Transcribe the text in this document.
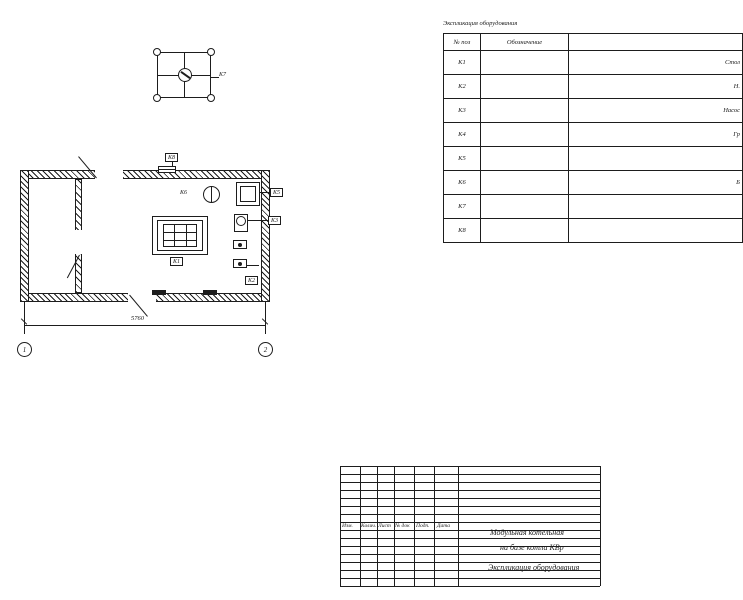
K8
K7
K6	K5
K3
K2
K1
5760
1	2
Экспликация оборудования
№ поз	Обозначение	
K1		Стол
K2		Н.
K3		Насос
K4		Гр
K5		
K6		Б
K7		
K8		
Изм. Колич. Лист № док Подп. Дата
Модульная котельная
на базе котла КВр
Экспликация оборудования
